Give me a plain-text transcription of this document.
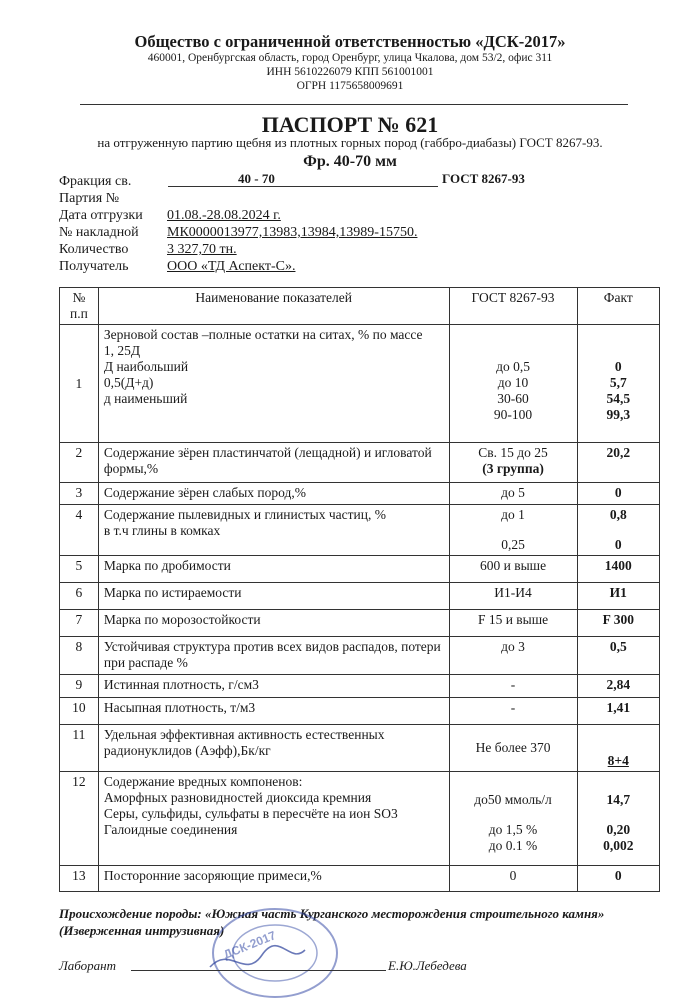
Общество с ограниченной ответственностью «ДСК-2017»
460001, Оренбургская область, город Оренбург, улица Чкалова, дом 53/2, офис 311
ИНН 5610226079 КПП 561001001
ОГРН 1175658009691
ПАСПОРТ № 621
на отгруженную партию щебня из плотных горных пород (габбро-диабазы) ГОСТ 8267-93.
Фр. 40-70 мм
Фракция св.	40 - 70	ГОСТ 8267-93
Партия №
Дата отгрузки 01.08.-28.08.2024 г.
№ накладной МК0000013977,13983,13984,13989-15750.
Количество	3 327,70 тн.
Получатель	ООО «ТД Аспект-С».
№ п.п	Наименование показателей	ГОСТ 8267-93	Факт
1	Зерновой состав –полные остатки на ситах, % по массе
1, 25Д
Д наибольший
0,5(Д+д)
д наименьший	до 0,5
до 10
30-60
90-100	0
5,7
54,5
99,3

2	Содержание зёрен пластинчатой (лещадной) и игловатой формы,%	Св. 15 до 25
(3 группа)	20,2

3	Содержание зёрен слабых пород,%	до 5	0

4	Содержание пылевидных и глинистых частиц, %
в т.ч глины в комках	до 1
0,25	0,8
0

5	Марка по дробимости	600 и выше	1400

6	Марка по истираемости	И1-И4	И1

7	Марка по морозостойкости	F 15 и выше	F 300

8	Устойчивая структура против всех видов распадов, потери при распаде %	до 3	0,5

9	Истинная плотность, г/см3	-	2,84

10	Насыпная плотность, т/м3	-	1,41

11	Удельная эффективная активность естественных радионуклидов (Аэфф),Бк/кг	Не более 370	8+4

12	Содержание вредных компоненов:
Аморфных разновидностей диоксида кремния
Серы, сульфиды, сульфаты в пересчёте на ион SO3
Галоидные соединения	до50 ммоль/л
до 1,5 %
до 0.1 %	14,7
0,20
0,002

13	Посторонние засоряющие примеси,%	0	0
Происхождение породы: «Южная часть Курганского месторождения строительного камня» (Изверженная интрузивная)
ДСК-2017
Лаборант	Е.Ю.Лебедева
